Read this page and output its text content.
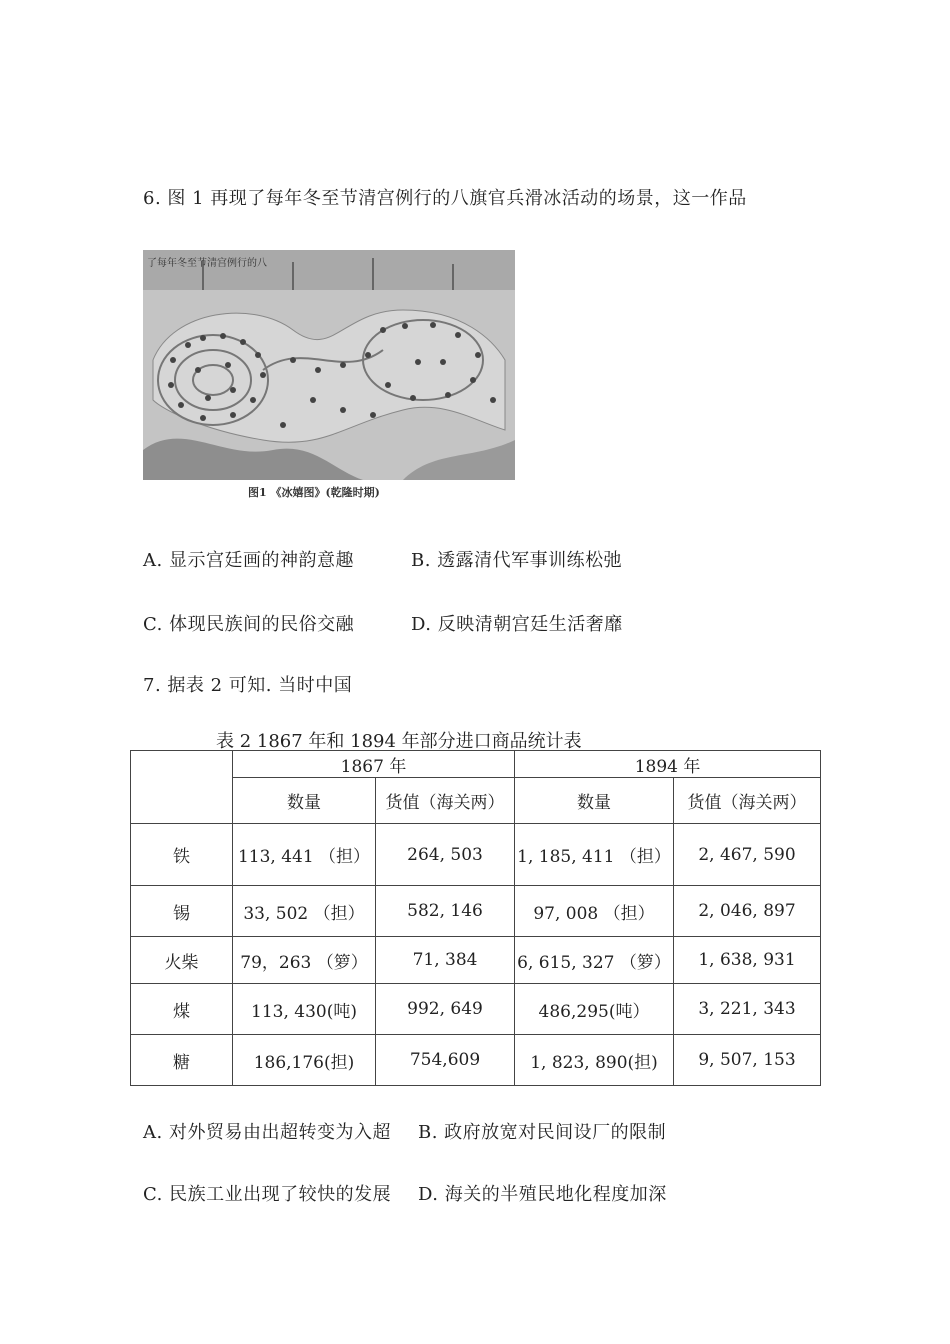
6. 图 1 再现了每年冬至节清宫例行的八旗官兵滑冰活动的场景，这一作品
了每年冬至节清宫例行的八
图1 《冰嬉图》(乾隆时期)
A. 显示宫廷画的神韵意趣	B. 透露清代军事训练松弛
C. 体现民族间的民俗交融	D. 反映清朝宫廷生活奢靡
7. 据表 2 可知. 当时中国
表 2 1867 年和 1894 年部分进口商品统计表
	1867 年		1894 年	
	数量	货值（海关两）	数量	货值（海关两）
铁	113, 441 （担）	264, 503	1, 185, 411 （担）	2, 467, 590
锡	33, 502 （担）	582, 146	97, 008 （担）	2, 046, 897
火柴	79，263 （箩）	71, 384	6, 615, 327 （箩）	1, 638, 931
煤	113, 430(吨)	992, 649	486,295(吨）	3, 221, 343
糖	186,176(担)	754,609	1, 823, 890(担)	9, 507, 153
A. 对外贸易由出超转变为入超 B. 政府放宽对民间设厂的限制
C. 民族工业出现了较快的发展 D. 海关的半殖民地化程度加深
